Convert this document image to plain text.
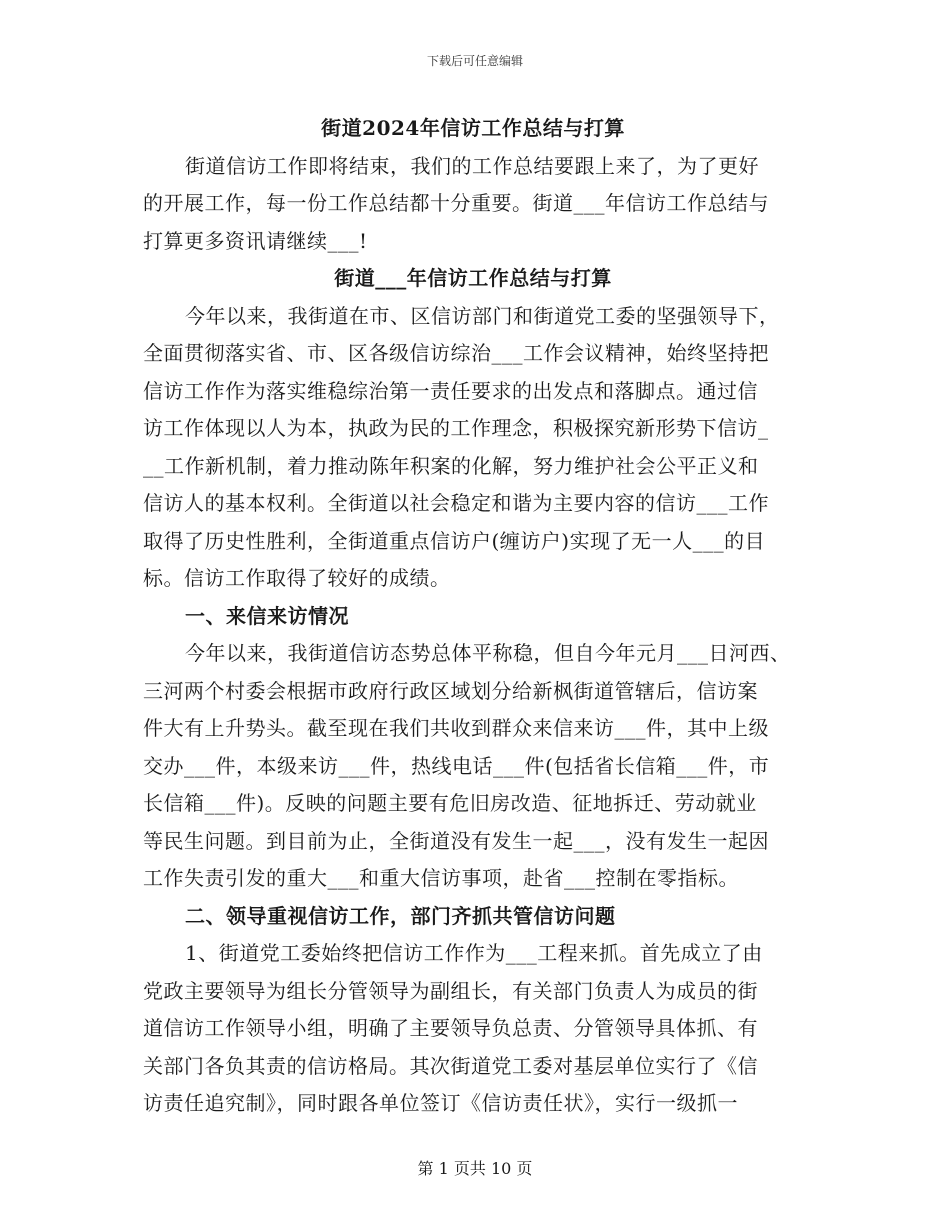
下载后可任意编辑
街道2024年信访工作总结与打算
街道信访工作即将结束，我们的工作总结要跟上来了，为了更好
的开展工作，每一份工作总结都十分重要。街道___年信访工作总结与
打算更多资讯请继续___!
街道___年信访工作总结与打算
今年以来，我街道在市、区信访部门和街道党工委的坚强领导下，
全面贯彻落实省、市、区各级信访综治___工作会议精神，始终坚持把
信访工作作为落实维稳综治第一责任要求的出发点和落脚点。通过信
访工作体现以人为本，执政为民的工作理念，积极探究新形势下信访_
__工作新机制，着力推动陈年积案的化解，努力维护社会公平正义和
信访人的基本权利。全街道以社会稳定和谐为主要内容的信访___工作
取得了历史性胜利，全街道重点信访户(缠访户)实现了无一人___的目
标。信访工作取得了较好的成绩。
一、来信来访情况
今年以来，我街道信访态势总体平称稳，但自今年元月___日河西、
三河两个村委会根据市政府行政区域划分给新枫街道管辖后，信访案
件大有上升势头。截至现在我们共收到群众来信来访___件，其中上级
交办___件，本级来访___件，热线电话___件(包括省长信箱___件，市
长信箱___件)。反映的问题主要有危旧房改造、征地拆迁、劳动就业
等民生问题。到目前为止，全街道没有发生一起___，没有发生一起因
工作失责引发的重大___和重大信访事项，赴省___控制在零指标。
二、领导重视信访工作，部门齐抓共管信访问题
1、街道党工委始终把信访工作作为___工程来抓。首先成立了由
党政主要领导为组长分管领导为副组长，有关部门负责人为成员的街
道信访工作领导小组，明确了主要领导负总责、分管领导具体抓、有
关部门各负其责的信访格局。其次街道党工委对基层单位实行了《信
访责任追究制》，同时跟各单位签订《信访责任状》，实行一级抓一
第 1 页共 10 页
